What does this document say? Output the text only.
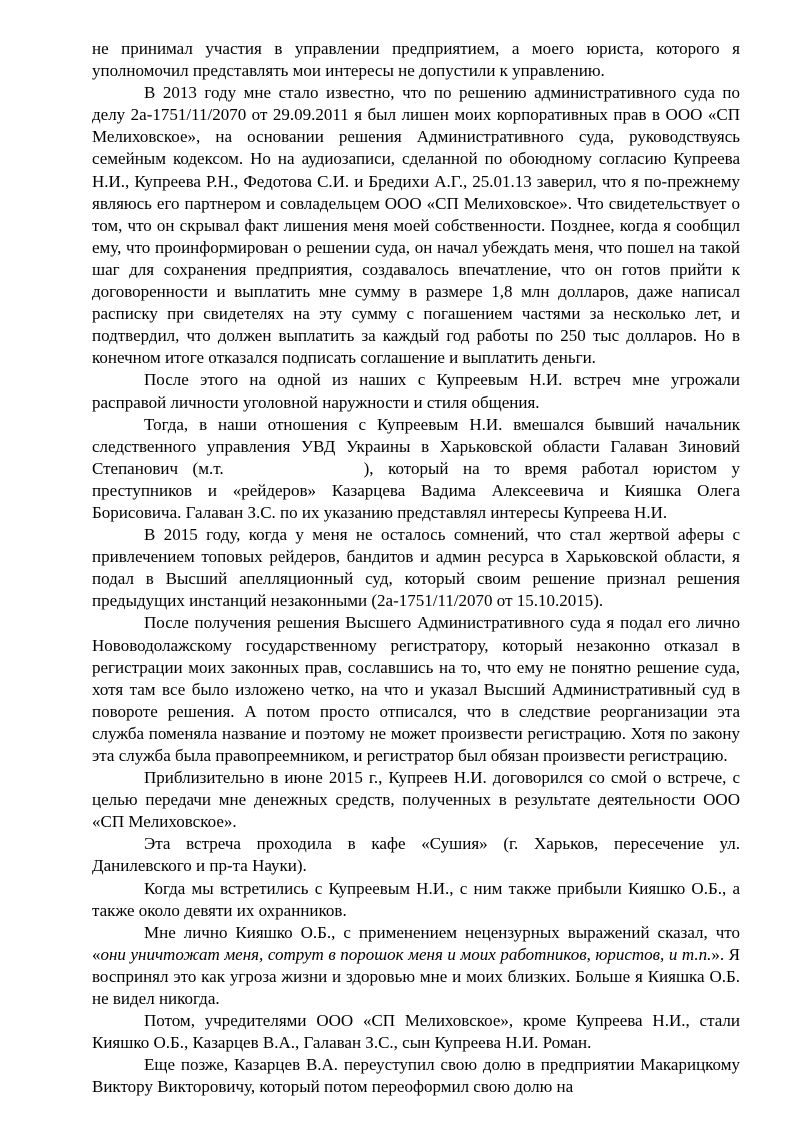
не принимал участия в управлении предприятием, а моего юриста, которого я уполномочил представлять мои интересы не допустили к управлению.

В 2013 году мне стало известно, что по решению административного суда по делу 2а-1751/11/2070 от 29.09.2011 я был лишен моих корпоративных прав в ООО «СП Мелиховское», на основании решения Административного суда, руководствуясь семейным кодексом. Но на аудиозаписи, сделанной по обоюдному согласию Купреева Н.И., Купреева Р.Н., Федотова С.И. и Бредихи А.Г., 25.01.13 заверил, что я по-прежнему являюсь его партнером и совладельцем ООО «СП Мелиховское». Что свидетельствует о том, что он скрывал факт лишения меня моей собственности. Позднее, когда я сообщил ему, что проинформирован о решении суда, он начал убеждать меня, что пошел на такой шаг для сохранения предприятия, создавалось впечатление, что он готов прийти к договоренности и выплатить мне сумму в размере 1,8 млн долларов, даже написал расписку при свидетелях на эту сумму с погашением частями за несколько лет, и подтвердил, что должен выплатить за каждый год работы по 250 тыс долларов. Но в конечном итоге отказался подписать соглашение и выплатить деньги.

После этого на одной из наших с Купреевым Н.И. встреч мне угрожали расправой личности уголовной наружности и стиля общения.

Тогда, в наши отношения с Купреевым Н.И. вмешался бывший начальник следственного управления УВД Украины в Харьковской области Галаван Зиновий Степанович (м.т.	), который на то время работал юристом у преступников и «рейдеров» Казарцева Вадима Алексеевича и Кияшка Олега Борисовича. Галаван З.С. по их указанию представлял интересы Купреева Н.И.

В 2015 году, когда у меня не осталось сомнений, что стал жертвой аферы с привлечением топовых рейдеров, бандитов и админ ресурса в Харьковской области, я подал в Высший апелляционный суд, который своим решение признал решения предыдущих инстанций незаконными (2а-1751/11/2070 от 15.10.2015).

После получения решения Высшего Административного суда я подал его лично Нововодолажскому государственному регистратору, который незаконно отказал в регистрации моих законных прав, сославшись на то, что ему не понятно решение суда, хотя там все было изложено четко, на что и указал Высший Административный суд в повороте решения. А потом просто отписался, что в следствие реорганизации эта служба поменяла название и поэтому не может произвести регистрацию. Хотя по закону эта служба была правопреемником, и регистратор был обязан произвести регистрацию.

Приблизительно в июне 2015 г., Купреев Н.И. договорился со смой о встрече, с целью передачи мне денежных средств, полученных в результате деятельности ООО «СП Мелиховское».

Эта встреча проходила в кафе «Сушия» (г. Харьков, пересечение ул. Данилевского и пр-та Науки).

Когда мы встретились с Купреевым Н.И., с ним также прибыли Кияшко О.Б., а также около девяти их охранников.

Мне лично Кияшко О.Б., с применением нецензурных выражений сказал, что «они уничтожат меня, сотрут в порошок меня и моих работников, юристов, и т.п.». Я воспринял это как угроза жизни и здоровью мне и моих близких. Больше я Кияшка О.Б. не видел никогда.

Потом, учредителями ООО «СП Мелиховское», кроме Купреева Н.И., стали Кияшко О.Б., Казарцев В.А., Галаван З.С., сын Купреева Н.И. Роман.

Еще позже, Казарцев В.А. переуступил свою долю в предприятии Макарицкому Виктору Викторовичу, который потом переоформил свою долю на
